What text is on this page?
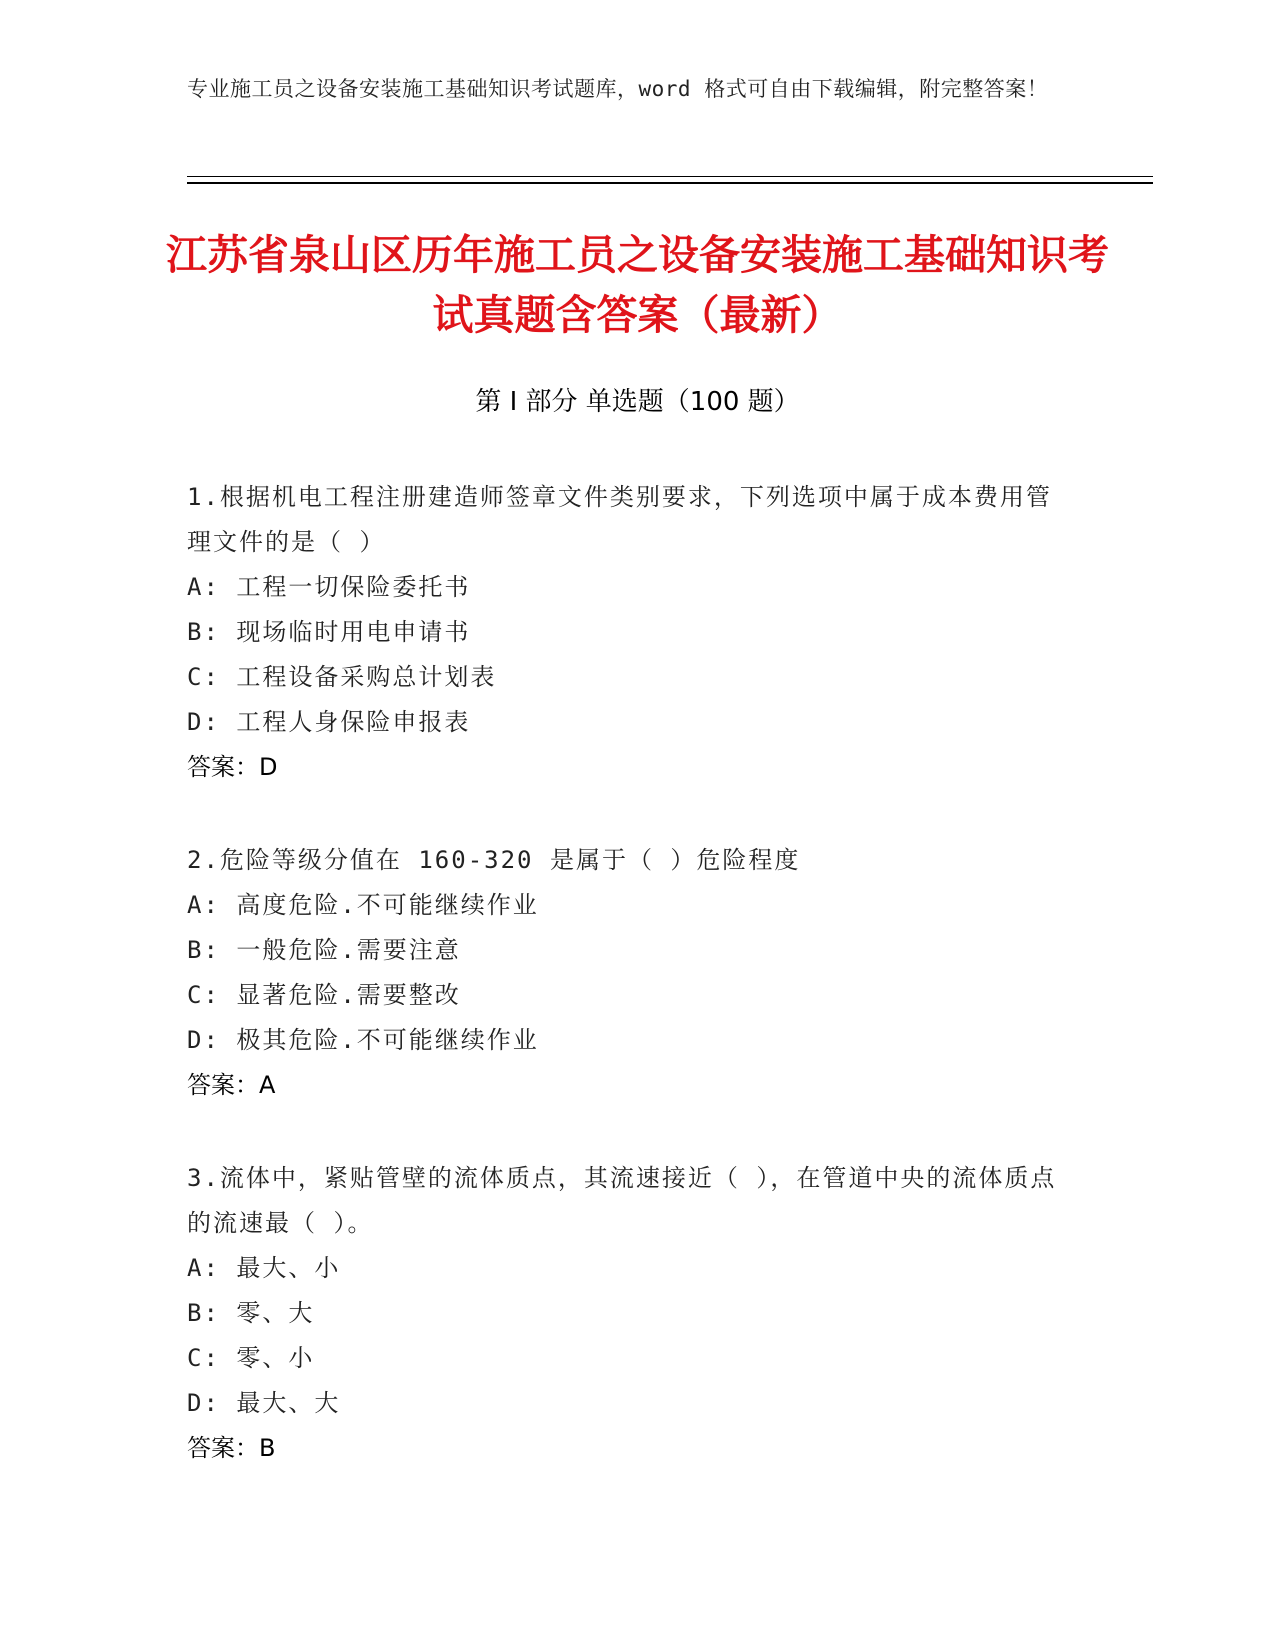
专业施工员之设备安装施工基础知识考试题库，word 格式可自由下载编辑，附完整答案！
江苏省泉山区历年施工员之设备安装施工基础知识考试真题含答案（最新）
第 I 部分 单选题（100 题）
1.根据机电工程注册建造师签章文件类别要求，下列选项中属于成本费用管理文件的是（ ）
A: 工程一切保险委托书
B: 现场临时用电申请书
C: 工程设备采购总计划表
D: 工程人身保险申报表
答案：D
2.危险等级分值在 160-320 是属于（ ）危险程度
A: 高度危险.不可能继续作业
B: 一般危险.需要注意
C: 显著危险.需要整改
D: 极其危险.不可能继续作业
答案：A
3.流体中，紧贴管壁的流体质点，其流速接近（ ），在管道中央的流体质点的流速最（ ）。
A: 最大、小
B: 零、大
C: 零、小
D: 最大、大
答案：B
